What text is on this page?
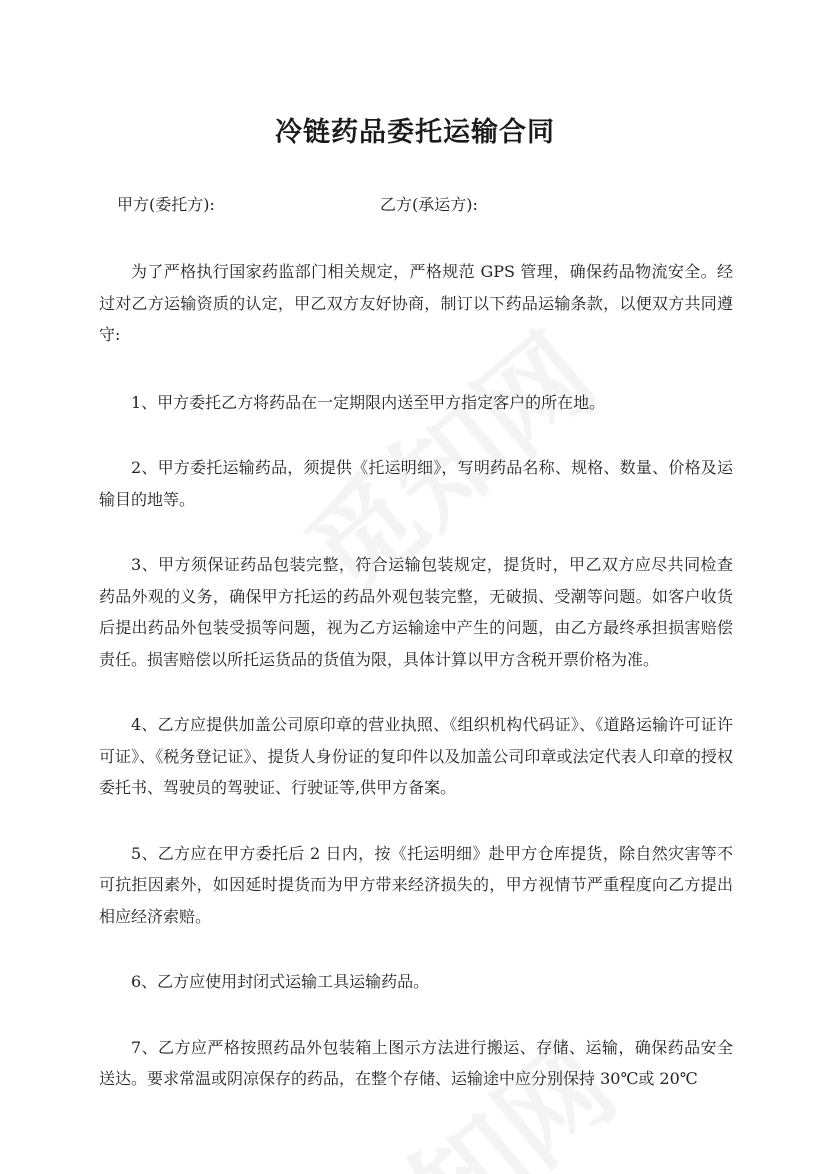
冷链药品委托运输合同
甲方(委托方):	乙方(承运方):

为了严格执行国家药监部门相关规定，严格规范 GPS 管理，确保药品物流安全。经过对乙方运输资质的认定，甲乙双方友好协商，制订以下药品运输条款，以便双方共同遵守:

1、甲方委托乙方将药品在一定期限内送至甲方指定客户的所在地。

2、甲方委托运输药品，须提供《托运明细》，写明药品名称、规格、数量、价格及运输目的地等。

3、甲方须保证药品包装完整，符合运输包装规定，提货时，甲乙双方应尽共同检查药品外观的义务，确保甲方托运的药品外观包装完整，无破损、受潮等问题。如客户收货后提出药品外包装受损等问题，视为乙方运输途中产生的问题，由乙方最终承担损害赔偿责任。损害赔偿以所托运货品的货值为限，具体计算以甲方含税开票价格为准。

4、乙方应提供加盖公司原印章的营业执照、《组织机构代码证》、《道路运输许可证许可证》、《税务登记证》、提货人身份证的复印件以及加盖公司印章或法定代表人印章的授权委托书、驾驶员的驾驶证、行驶证等,供甲方备案。

5、乙方应在甲方委托后 2 日内，按《托运明细》赴甲方仓库提货，除自然灾害等不可抗拒因素外，如因延时提货而为甲方带来经济损失的，甲方视情节严重程度向乙方提出相应经济索赔。

6、乙方应使用封闭式运输工具运输药品。

7、乙方应严格按照药品外包装箱上图示方法进行搬运、存储、运输，确保药品安全送达。要求常温或阴凉保存的药品，在整个存储、运输途中应分别保持 30℃或 20℃
